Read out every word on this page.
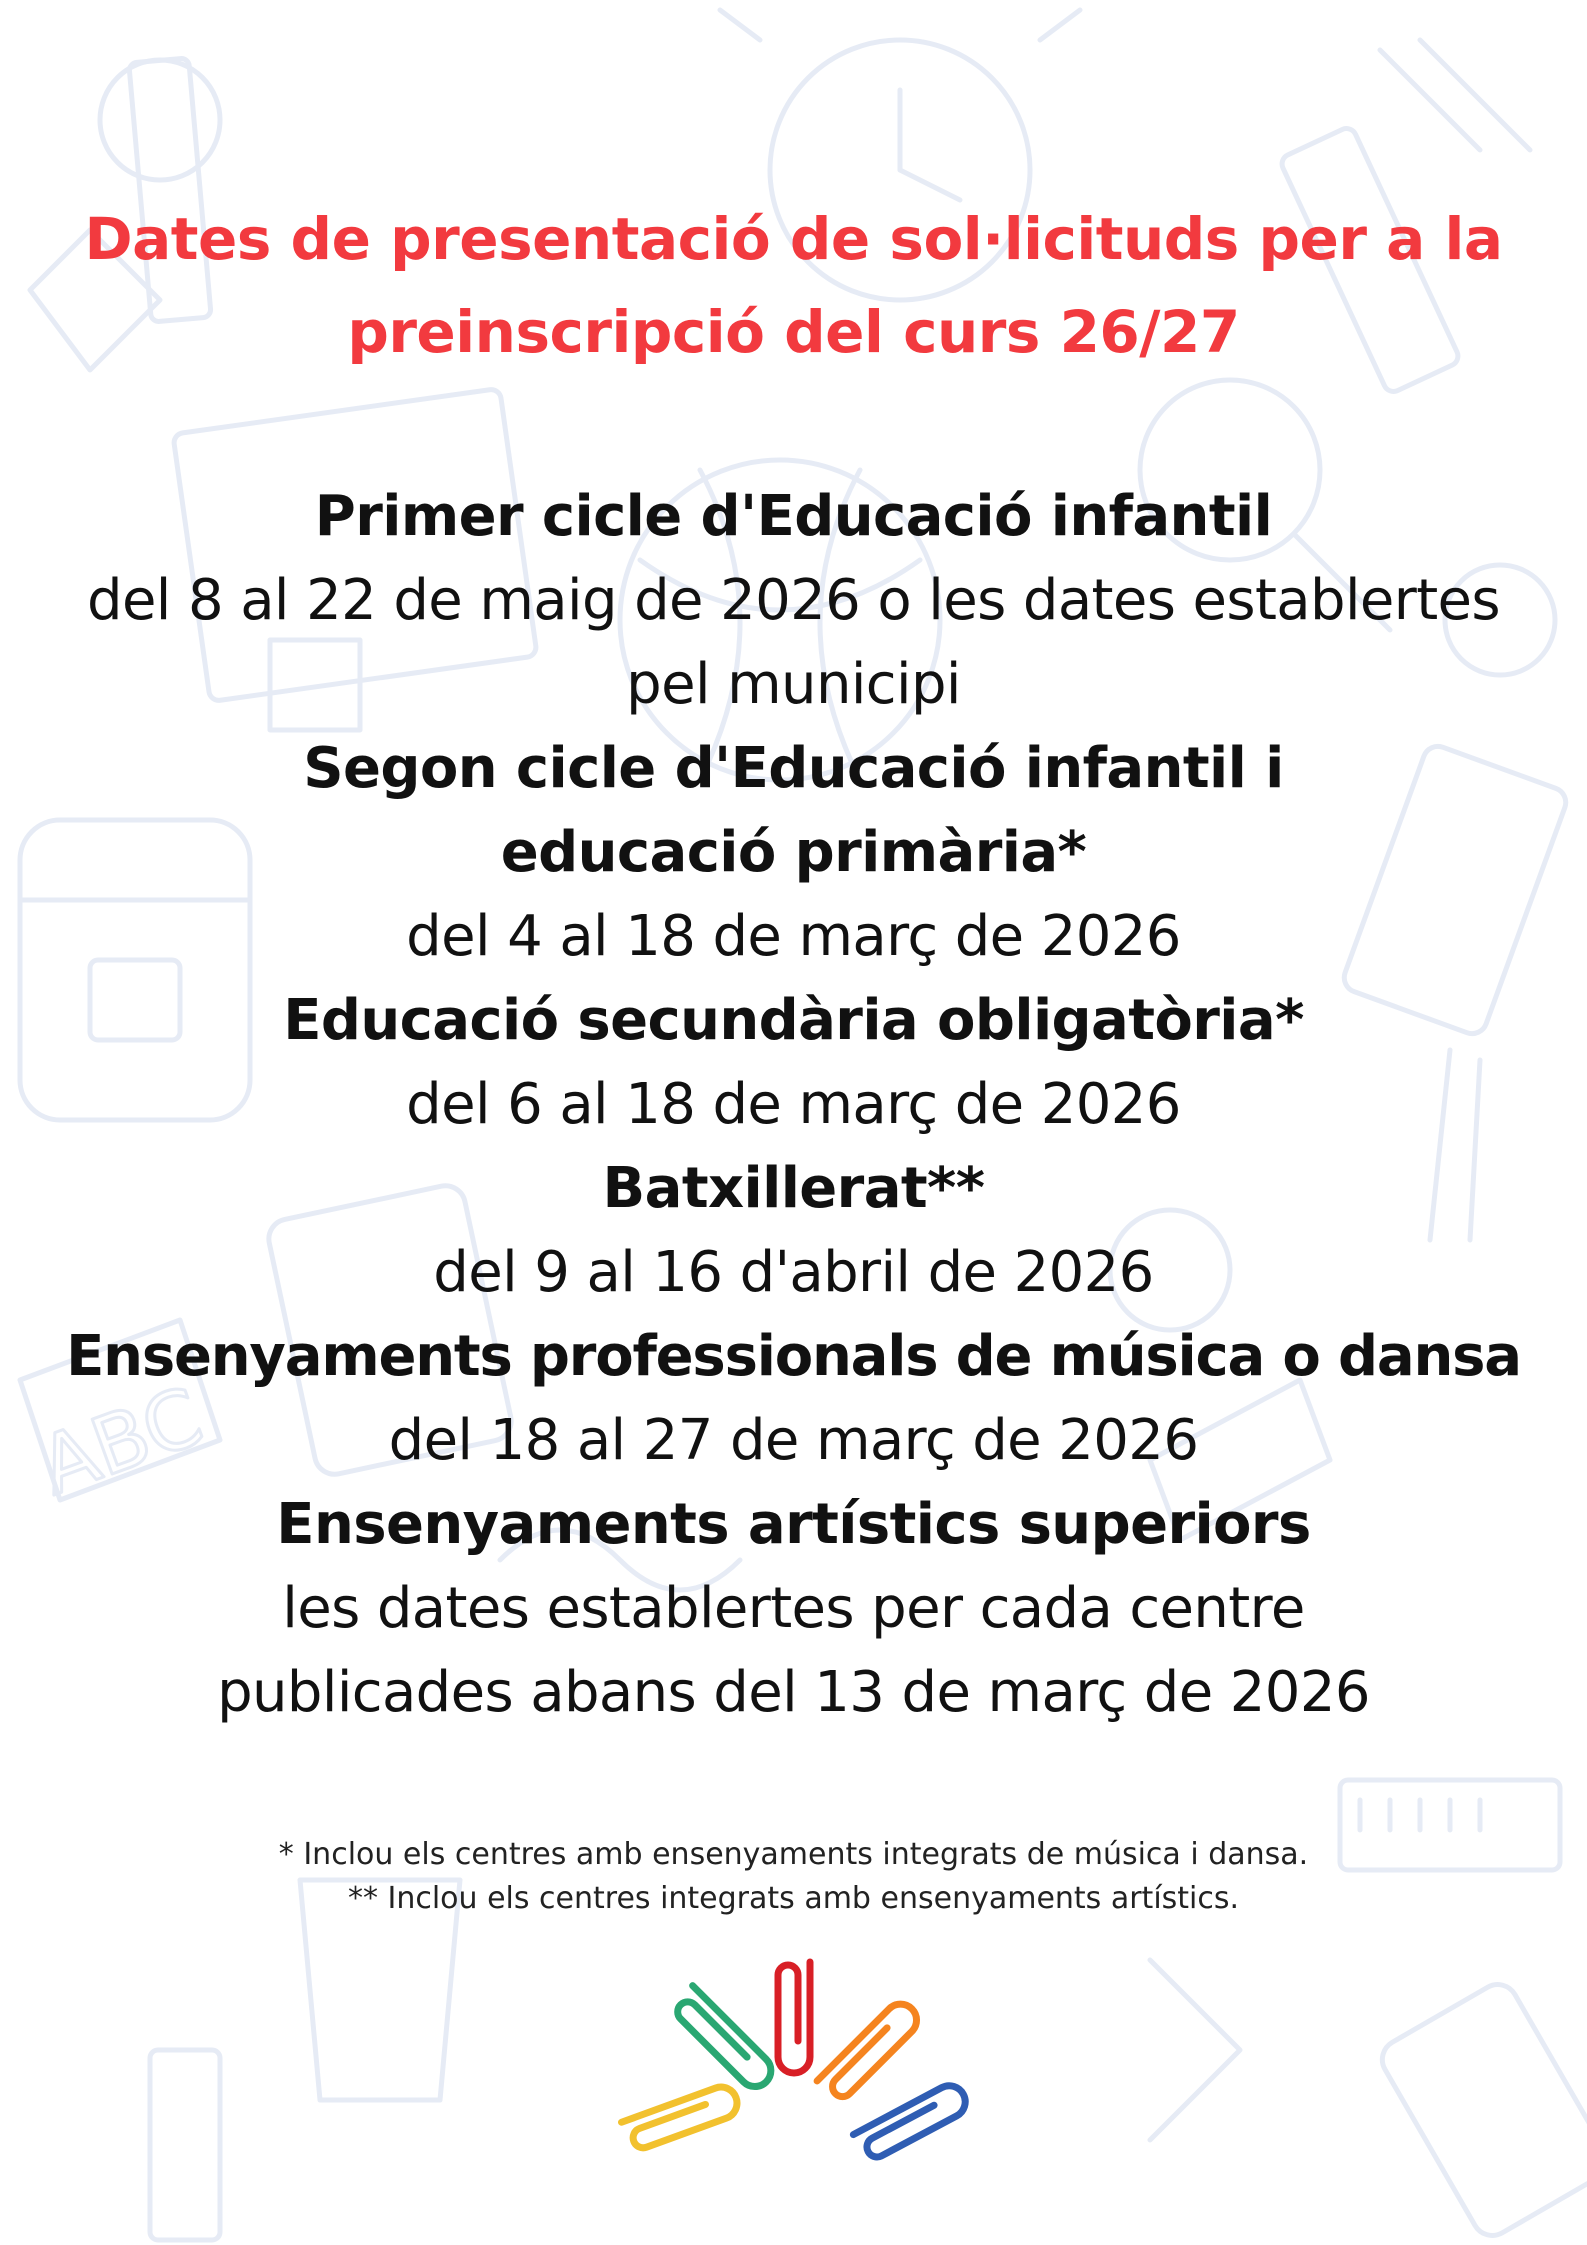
ABC
Dates de presentació de sol·licituds per a la preinscripció del curs 26/27
Primer cicle d'Educació infantil
del 8 al 22 de maig de 2026 o les dates establertes pel municipi
Segon cicle d'Educació infantil i educació primària*
del 4 al 18 de març de 2026
Educació secundària obligatòria*
del 6 al 18 de març de 2026
Batxillerat**
del 9 al 16 d'abril de 2026
Ensenyaments professionals de música o dansa
del 18 al 27 de març de 2026
Ensenyaments artístics superiors
les dates establertes per cada centre publicades abans del 13 de març de 2026
* Inclou els centres amb ensenyaments integrats de música i dansa.
** Inclou els centres integrats amb ensenyaments artístics.
